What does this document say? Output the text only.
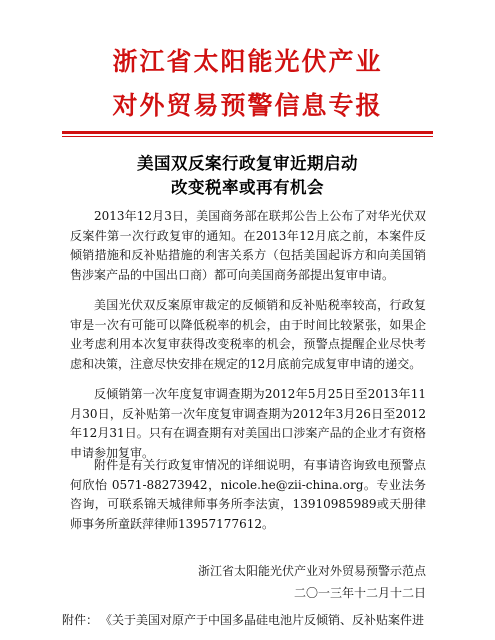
浙江省太阳能光伏产业
对外贸易预警信息专报
美国双反案行政复审近期启动
改变税率或再有机会

2013年12月3日，美国商务部在联邦公告上公布了对华光伏双反案件第一次行政复审的通知。在2013年12月底之前，本案件反倾销措施和反补贴措施的利害关系方（包括美国起诉方和向美国销售涉案产品的中国出口商）都可向美国商务部提出复审申请。

美国光伏双反案原审裁定的反倾销和反补贴税率较高，行政复审是一次有可能可以降低税率的机会，由于时间比较紧张，如果企业考虑利用本次复审获得改变税率的机会，预警点提醒企业尽快考虑和决策，注意尽快安排在规定的12月底前完成复审申请的递交。

反倾销第一次年度复审调查期为2012年5月25日至2013年11月30日，反补贴第一次年度复审调查期为2012年3月26日至2012年12月31日。只有在调查期有对美国出口涉案产品的企业才有资格申请参加复审。

附件是有关行政复审情况的详细说明，有事请咨询致电预警点何欣怡 0571-88273942，nicole.he@zii-china.org。专业法务咨询，可联系锦天城律师事务所李法寅，13910985989或天册律师事务所童跃萍律师13957177612。

浙江省太阳能光伏产业对外贸易预警示范点
二〇一三年十二月十二日
附件： 《关于美国对原产于中国多晶硅电池片反倾销、反补贴案件进
